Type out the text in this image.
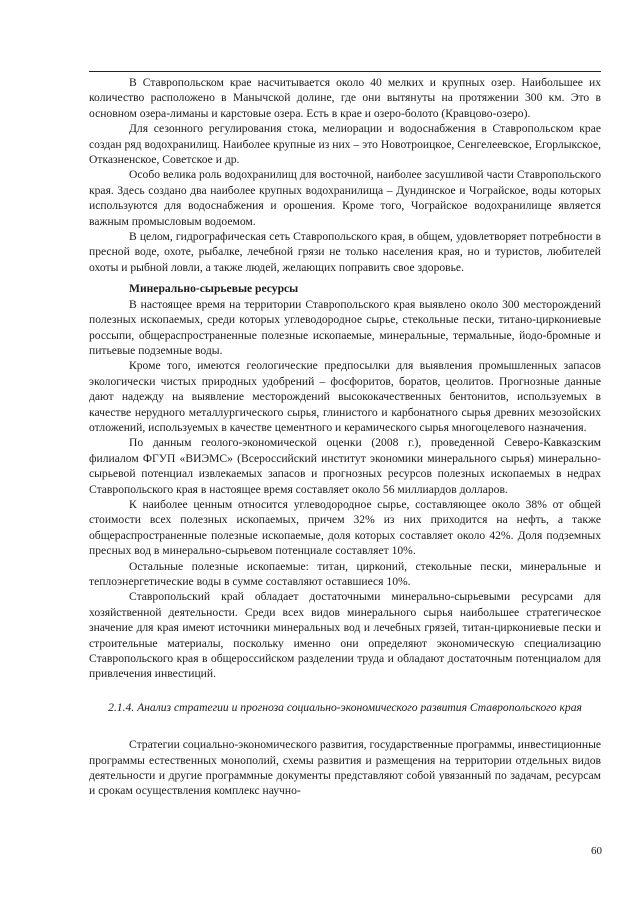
В Ставропольском крае насчитывается около 40 мелких и крупных озер. Наибольшее их количество расположено в Манычской долине, где они вытянуты на протяжении 300 км. Это в основном озера-лиманы и карстовые озера. Есть в крае и озеро-болото (Кравцово-озеро).

Для сезонного регулирования стока, мелиорации и водоснабжения в Ставропольском крае создан ряд водохранилищ. Наиболее крупные из них – это Новотроицкое, Сенгелеевское, Егорлыкское, Отказненское, Советское и др.

Особо велика роль водохранилищ для восточной, наиболее засушливой части Ставропольского края. Здесь создано два наиболее крупных водохранилища – Дундинское и Чограйское, воды которых используются для водоснабжения и орошения. Кроме того, Чограйское водохранилище является важным промысловым водоемом.

В целом, гидрографическая сеть Ставропольского края, в общем, удовлетворяет потребности в пресной воде, охоте, рыбалке, лечебной грязи не только населения края, но и туристов, любителей охоты и рыбной ловли, а также людей, желающих поправить свое здоровье.

Минерально-сырьевые ресурсы

В настоящее время на территории Ставропольского края выявлено около 300 месторождений полезных ископаемых, среди которых углеводородное сырье, стекольные пески, титано-циркониевые россыпи, общераспространенные полезные ископаемые, минеральные, термальные, йодо-бромные и питьевые подземные воды.

Кроме того, имеются геологические предпосылки для выявления промышленных запасов экологически чистых природных удобрений – фосфоритов, боратов, цеолитов. Прогнозные данные дают надежду на выявление месторождений высококачественных бентонитов, используемых в качестве нерудного металлургического сырья, глинистого и карбонатного сырья древних мезозойских отложений, используемых в качестве цементного и керамического сырья многоцелевого назначения.

По данным геолого-экономической оценки (2008 г.), проведенной Северо-Кавказским филиалом ФГУП «ВИЭМС» (Всероссийский институт экономики минерального сырья) минерально-сырьевой потенциал извлекаемых запасов и прогнозных ресурсов полезных ископаемых в недрах Ставропольского края в настоящее время составляет около 56 миллиардов долларов.

К наиболее ценным относится углеводородное сырье, составляющее около 38% от общей стоимости всех полезных ископаемых, причем 32% из них приходится на нефть, а также общераспространенные полезные ископаемые, доля которых составляет около 42%. Доля подземных пресных вод в минерально-сырьевом потенциале составляет 10%.

Остальные полезные ископаемые: титан, цирконий, стекольные пески, минеральные и теплоэнергетические воды в сумме составляют оставшиеся 10%.

Ставропольский край обладает достаточными минерально-сырьевыми ресурсами для хозяйственной деятельности. Среди всех видов минерального сырья наибольшее стратегическое значение для края имеют источники минеральных вод и лечебных грязей, титан-циркониевые пески и строительные материалы, поскольку именно они определяют экономическую специализацию Ставропольского края в общероссийском разделении труда и обладают достаточным потенциалом для привлечения инвестиций.

2.1.4. Анализ стратегии и прогноза социально-экономического развития Ставропольского края

Стратегии социально-экономического развития, государственные программы, инвестиционные программы естественных монополий, схемы развития и размещения на территории отдельных видов деятельности и другие программные документы представляют собой увязанный по задачам, ресурсам и срокам осуществления комплекс научно-

60
